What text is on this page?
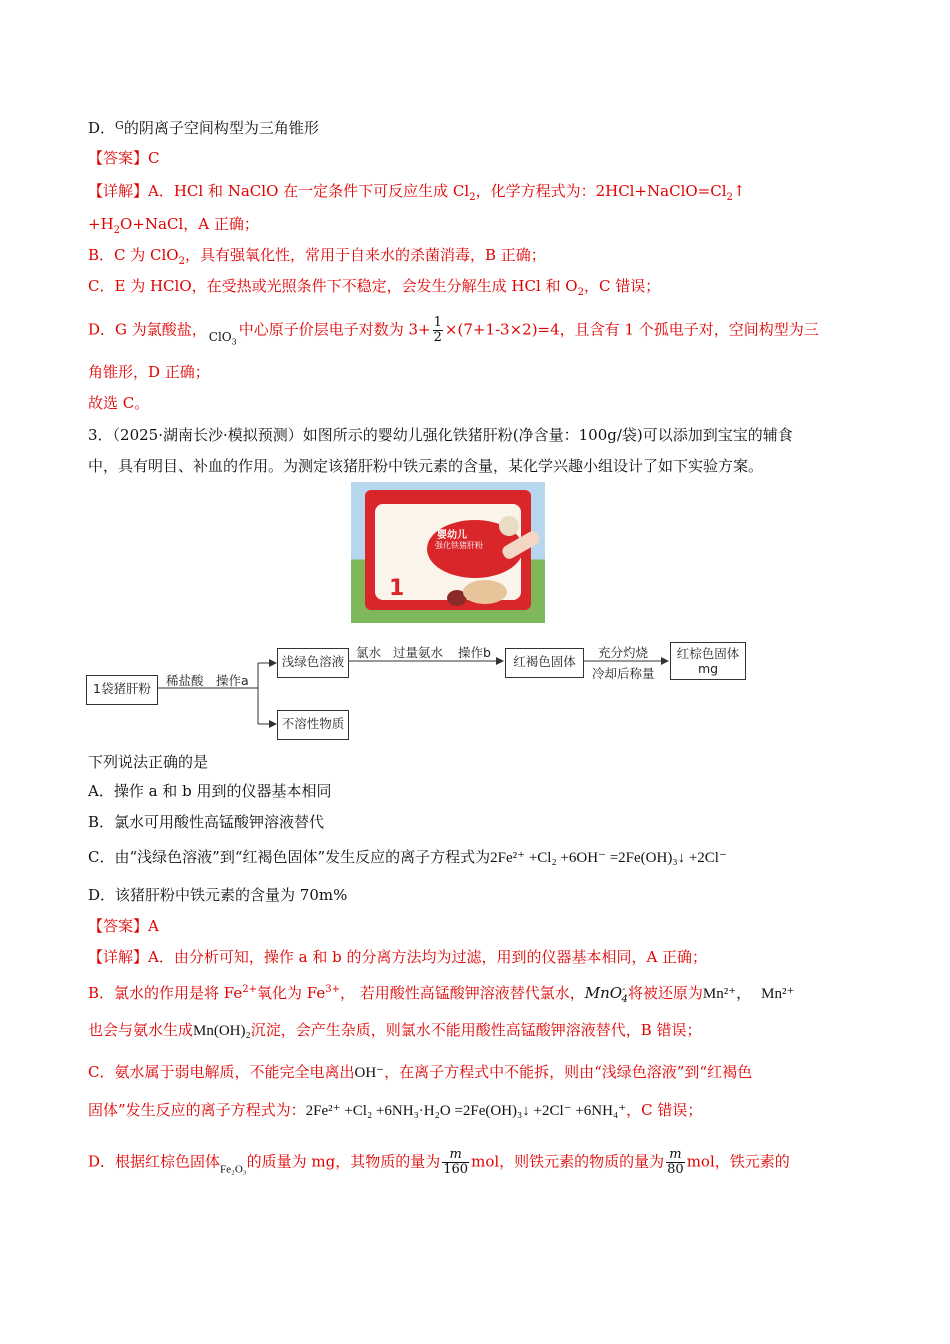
D．$^G$的阴离子空间构型为三角锥形
【答案】C
【详解】A．HCl 和 NaClO 在一定条件下可反应生成 $Cl_2$，化学方程式为：$2HCl+NaClO=Cl_2↑$
$+H_2O+NaCl$，A 正确；
B．C 为 ClO$_2$，具有强氧化性，常用于自来水的杀菌消毒，B 正确；
C．E 为 HClO，在受热或光照条件下不稳定，会发生分解生成 HCl 和 $O_2$，C 错误；
D．G 为氯酸盐， $_{ClO_3}$中心原子价层电子对数为 $3+ \frac{1}{2} \times(7+1-3\times 2)=4$，且含有 1 个孤电子对，空间构型为三
角锥形，D 正确；
故选 C。
3．（2025·湖南长沙·模拟预测）如图所示的婴幼儿强化铁猪肝粉(净含量：100g/袋)可以添加到宝宝的辅食
中，具有明目、补血的作用。为测定该猪肝粉中铁元素的含量，某化学兴趣小组设计了如下实验方案。
婴幼儿
强化铁猪肝粉
1
1袋猪肝粉
稀盐酸 操作a
浅绿色溶液
不溶性物质
氯水 过量氨水 操作b
红褐色固体
充分灼烧
冷却后称量
红棕色固体
mg
下列说法正确的是
A．操作 a 和 b 用到的仪器基本相同
B．氯水可用酸性高锰酸钾溶液替代
C．由“浅绿色溶液”到“红褐色固体”发生反应的离子方程式为2Fe²⁺ +Cl₂ +6OH⁻ =2Fe(OH)₃↓ +2Cl⁻
D．该猪肝粉中铁元素的含量为 70m%
【答案】A
【详解】A．由分析可知，操作 a 和 b 的分离方法均为过滤，用到的仪器基本相同，A 正确；
B．氯水的作用是将 $Fe^{2+}$氧化为 $Fe^{3+}$， 若用酸性高锰酸钾溶液替代氯水，MnO-$_4$将被还原为Mn²⁺， Mn²⁺
也会与氨水生成Mn(OH)₂沉淀，会产生杂质，则氯水不能用酸性高锰酸钾溶液替代，B 错误；
C．氨水属于弱电解质，不能完全电离出OH⁻，在离子方程式中不能拆，则由“浅绿色溶液”到“红褐色
固体”发生反应的离子方程式为：2Fe²⁺ +Cl₂ +6NH₃·H₂O =2Fe(OH)₃↓ +2Cl⁻ +6NH₄⁺，C 错误；
D．根据红棕色固体$_{Fe_2O_3}$的质量为 mg，其物质的量为 $\frac{m}{160}$ mol，则铁元素的物质的量为 $\frac{m}{80}$ mol，铁元素的
